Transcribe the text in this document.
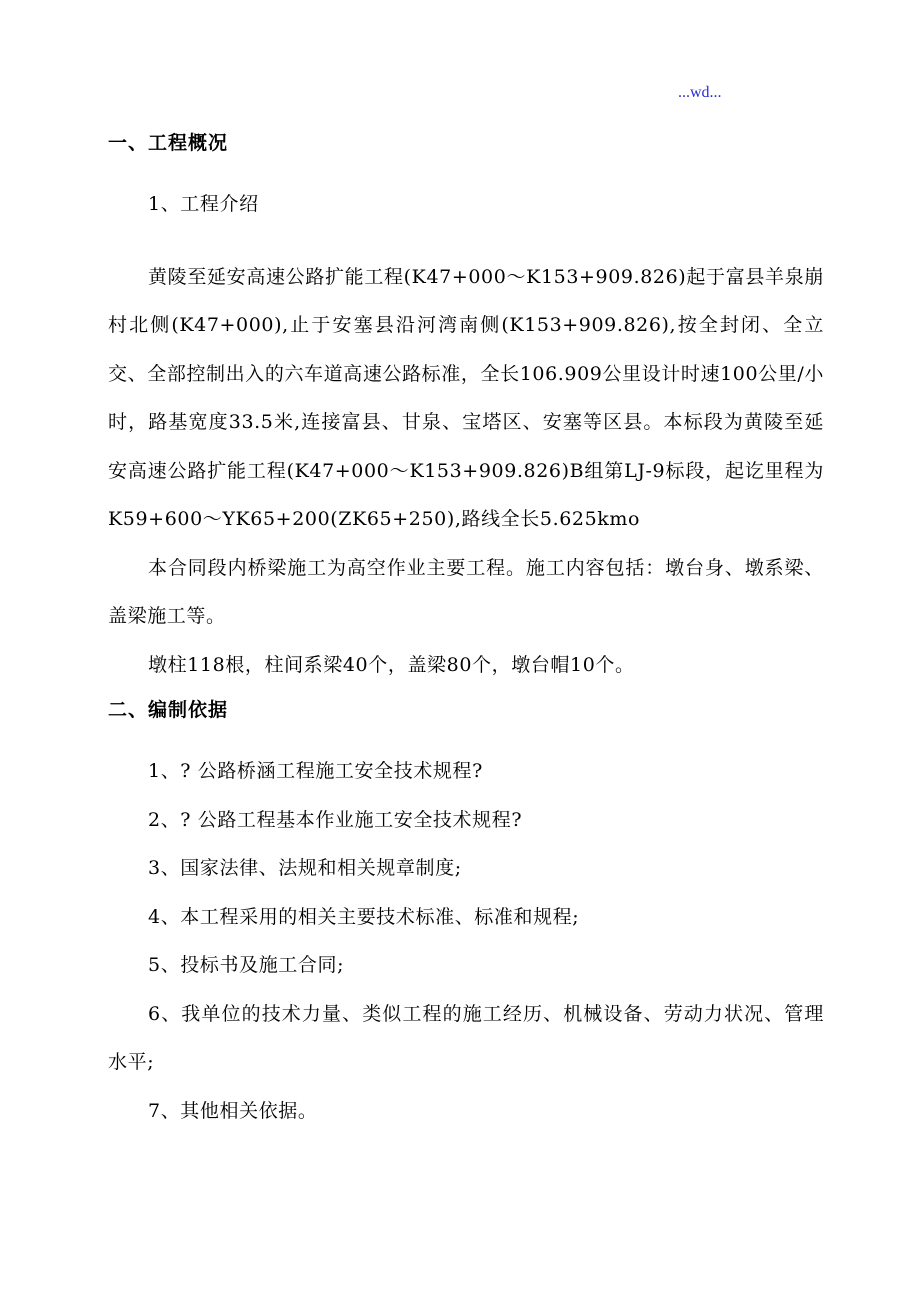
...wd...

一、工程概况

1、工程介绍

黄陵至延安高速公路扩能工程(K47+000～K153+909.826)起于富县羊泉崩村北侧(K47+000),止于安塞县沿河湾南侧(K153+909.826),按全封闭、全立交、全部控制出入的六车道高速公路标准，全长106.909公里设计时速100公里/小时，路基宽度33.5米,连接富县、甘泉、宝塔区、安塞等区县。本标段为黄陵至延安高速公路扩能工程(K47+000～K153+909.826)B组第LJ-9标段，起讫里程为K59+600～YK65+200(ZK65+250),路线全长5.625kmo

本合同段内桥梁施工为高空作业主要工程。施工内容包括：墩台身、墩系梁、盖梁施工等。

墩柱118根，柱间系梁40个，盖梁80个，墩台帽10个。

二、编制依据

1、? 公路桥涵工程施工安全技术规程?

2、? 公路工程基本作业施工安全技术规程?

3、国家法律、法规和相关规章制度;

4、本工程采用的相关主要技术标准、标准和规程;

5、投标书及施工合同;

6、我单位的技术力量、类似工程的施工经历、机械设备、劳动力状况、管理水平;

7、其他相关依据。
